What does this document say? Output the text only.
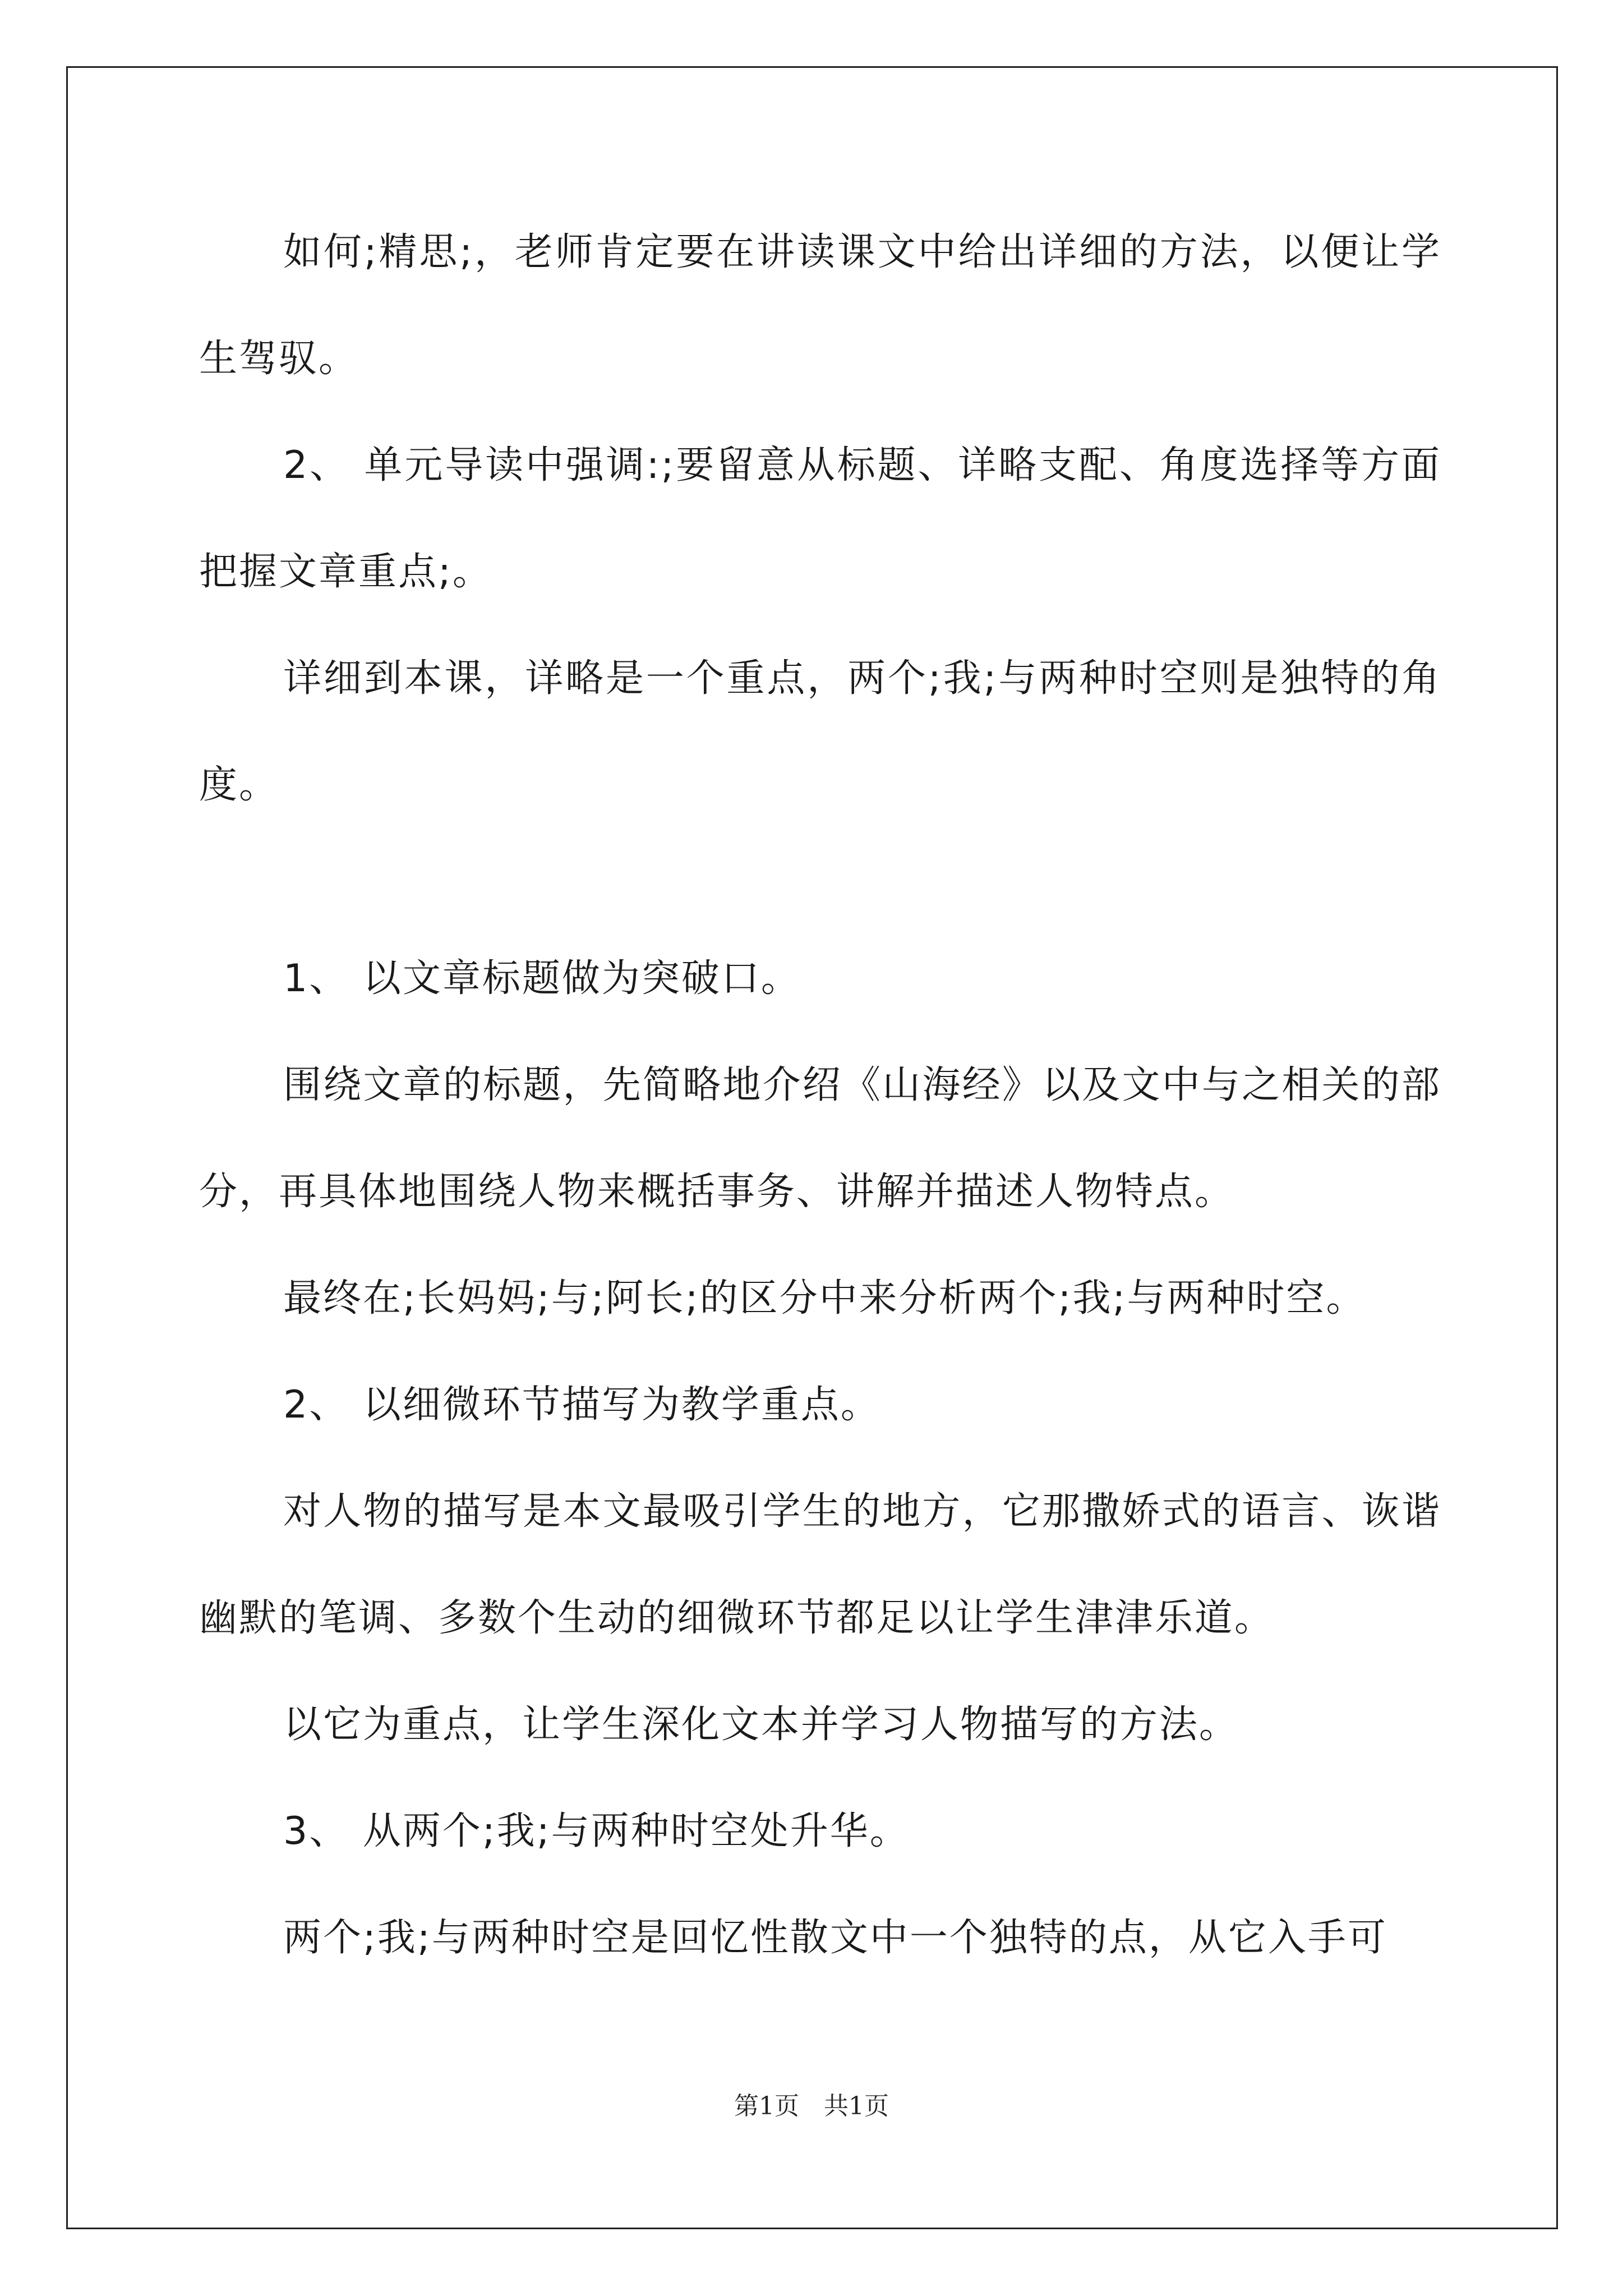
如何;精思;，老师肯定要在讲读课文中给出详细的方法，以便让学生驾驭。

2、 单元导读中强调:;要留意从标题、详略支配、角度选择等方面把握文章重点;。

详细到本课，详略是一个重点，两个;我;与两种时空则是独特的角度。

1、 以文章标题做为突破口。

围绕文章的标题，先简略地介绍《山海经》以及文中与之相关的部分，再具体地围绕人物来概括事务、讲解并描述人物特点。

最终在;长妈妈;与;阿长;的区分中来分析两个;我;与两种时空。

2、 以细微环节描写为教学重点。

对人物的描写是本文最吸引学生的地方，它那撒娇式的语言、诙谐幽默的笔调、多数个生动的细微环节都足以让学生津津乐道。

以它为重点，让学生深化文本并学习人物描写的方法。

3、 从两个;我;与两种时空处升华。

两个;我;与两种时空是回忆性散文中一个独特的点，从它入手可

第1页　共1页
